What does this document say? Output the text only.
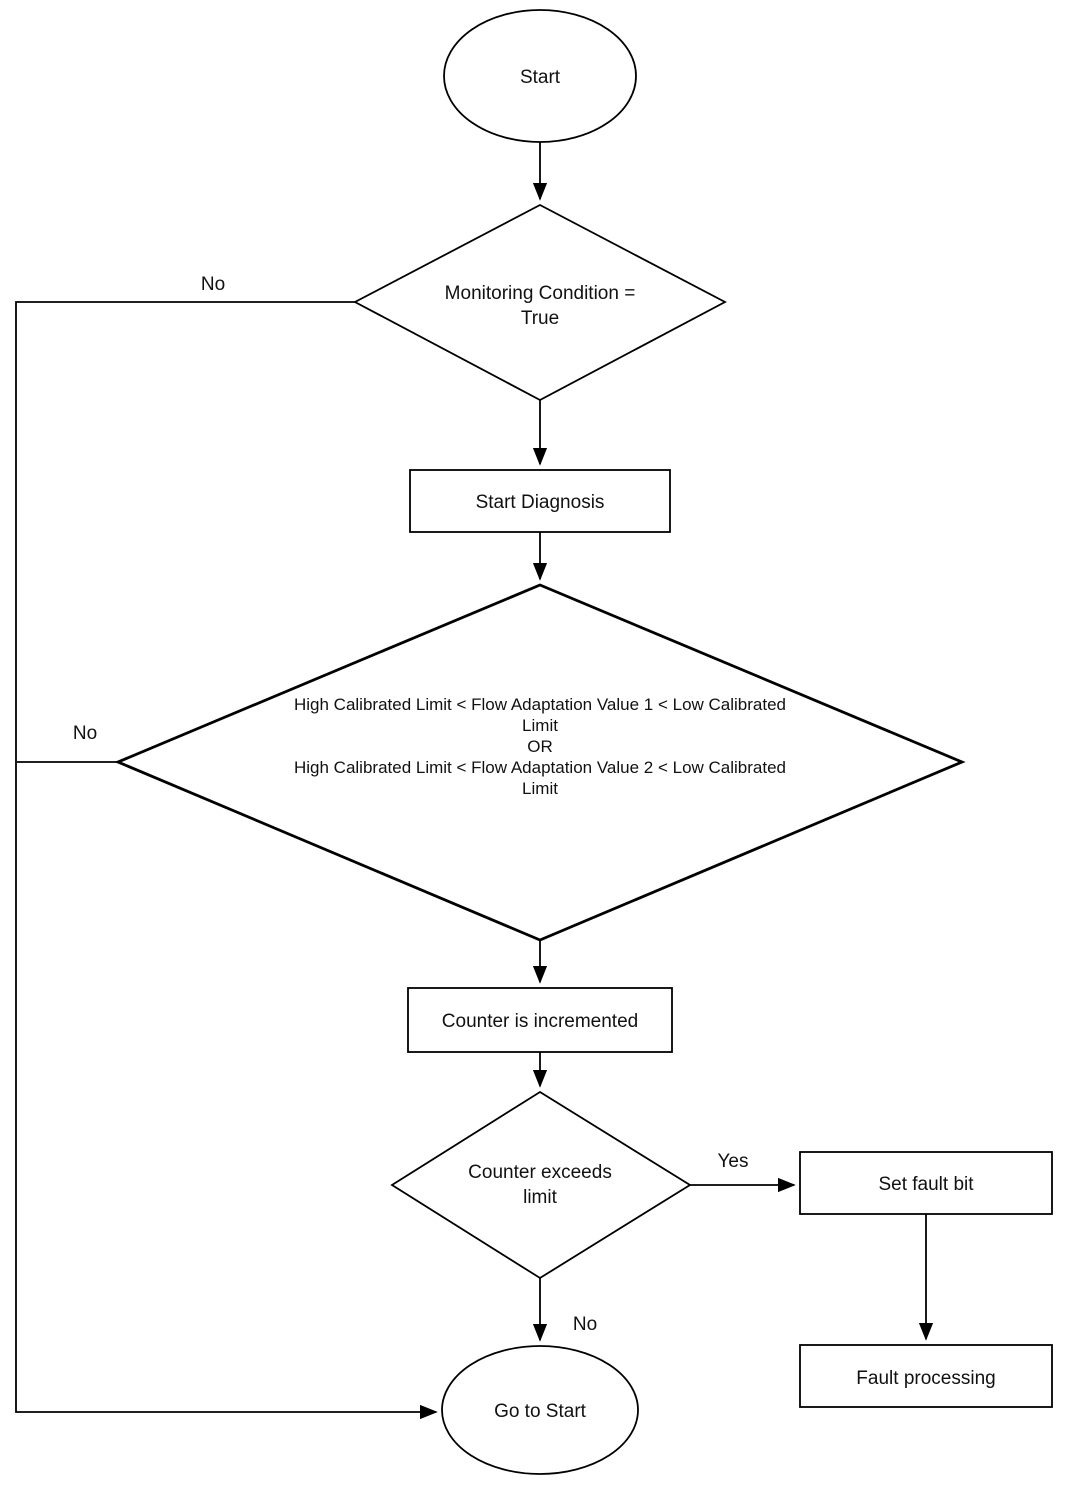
Start
Monitoring Condition =
True
Start Diagnosis
High Calibrated Limit < Flow Adaptation Value 1 < Low Calibrated
Limit
OR
High Calibrated Limit < Flow Adaptation Value 2 < Low Calibrated
Limit
Counter is incremented
Counter exceeds
limit
Set fault bit
Fault processing
Go to Start
No
No
Yes
No
